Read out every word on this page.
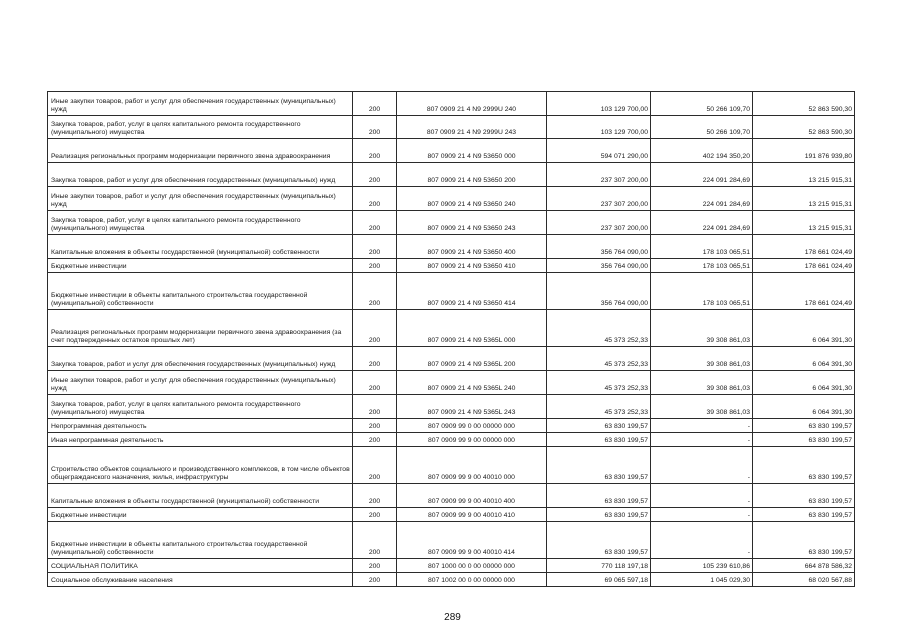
Иные закупки товаров, работ и услуг для обеспечения государственных (муниципальных) нужд	200	807 0909 21 4 N9 2999U 240	103 129 700,00	50 266 109,70	52 863 590,30
Закупка товаров, работ, услуг в целях капитального ремонта государственного (муниципального) имущества	200	807 0909 21 4 N9 2999U 243	103 129 700,00	50 266 109,70	52 863 590,30
Реализация региональных программ модернизации первичного звена здравоохранения	200	807 0909 21 4 N9 53650 000	594 071 290,00	402 194 350,20	191 876 939,80
Закупка товаров, работ и услуг для обеспечения государственных (муниципальных) нужд	200	807 0909 21 4 N9 53650 200	237 307 200,00	224 091 284,69	13 215 915,31
Иные закупки товаров, работ и услуг для обеспечения государственных (муниципальных) нужд	200	807 0909 21 4 N9 53650 240	237 307 200,00	224 091 284,69	13 215 915,31
Закупка товаров, работ, услуг в целях капитального ремонта государственного (муниципального) имущества	200	807 0909 21 4 N9 53650 243	237 307 200,00	224 091 284,69	13 215 915,31
Капитальные вложения в объекты государственной (муниципальной) собственности	200	807 0909 21 4 N9 53650 400	356 764 090,00	178 103 065,51	178 661 024,49
Бюджетные инвестиции	200	807 0909 21 4 N9 53650 410	356 764 090,00	178 103 065,51	178 661 024,49
Бюджетные инвестиции в объекты капитального строительства государственной (муниципальной) собственности	200	807 0909 21 4 N9 53650 414	356 764 090,00	178 103 065,51	178 661 024,49
Реализация региональных программ модернизации первичного звена здравоохранения (за счет подтвержденных остатков прошлых лет)	200	807 0909 21 4 N9 5365L 000	45 373 252,33	39 308 861,03	6 064 391,30
Закупка товаров, работ и услуг для обеспечения государственных (муниципальных) нужд	200	807 0909 21 4 N9 5365L 200	45 373 252,33	39 308 861,03	6 064 391,30
Иные закупки товаров, работ и услуг для обеспечения государственных (муниципальных) нужд	200	807 0909 21 4 N9 5365L 240	45 373 252,33	39 308 861,03	6 064 391,30
Закупка товаров, работ, услуг в целях капитального ремонта государственного (муниципального) имущества	200	807 0909 21 4 N9 5365L 243	45 373 252,33	39 308 861,03	6 064 391,30
Непрограммная деятельность	200	807 0909 99 0 00 00000 000	63 830 199,57	-	63 830 199,57
Иная непрограммная деятельность	200	807 0909 99 9 00 00000 000	63 830 199,57	-	63 830 199,57
Строительство объектов социального и производственного комплексов, в том числе объектов общегражданского назначения, жилья, инфраструктуры	200	807 0909 99 9 00 40010 000	63 830 199,57	-	63 830 199,57
Капитальные вложения в объекты государственной (муниципальной) собственности	200	807 0909 99 9 00 40010 400	63 830 199,57	-	63 830 199,57
Бюджетные инвестиции	200	807 0909 99 9 00 40010 410	63 830 199,57	-	63 830 199,57
Бюджетные инвестиции в объекты капитального строительства государственной (муниципальной) собственности	200	807 0909 99 9 00 40010 414	63 830 199,57	-	63 830 199,57
СОЦИАЛЬНАЯ ПОЛИТИКА	200	807 1000 00 0 00 00000 000	770 118 197,18	105 239 610,86	664 878 586,32
Социальное обслуживание населения	200	807 1002 00 0 00 00000 000	69 065 597,18	1 045 029,30	68 020 567,88
289
